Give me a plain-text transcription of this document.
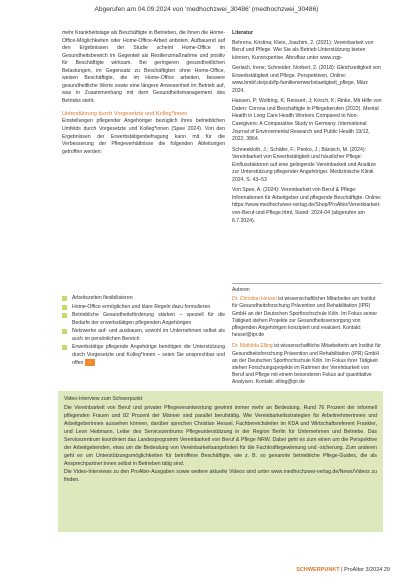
Abgerufen am 04.09.2024 von 'medhochzwei_30486' (medhochzwei_30486)

mehr Krankheitstage als Beschäftigte in Betrieben, die ihnen die Home-Office-Möglichkeiten oder Home-Office-Arbeit anboten. Aufbauend auf den Ergebnissen der Studie scheint Home-Office im Gesundheitsbereich im Gegenteil als Resilienzmaßnahme und positiv für Beschäftigte wirksam. Bei geringeren gesundheitlichen Belastungen, im Gegensatz zu Beschäftigten ohne Home-Office, weisen Beschäftigte, die im Home-Office arbeiten, bessere gesundheitliche Werte sowie eine längere Anwesenheit im Betrieb auf, was in Zusammenhang mit dem Gesundheitsmanagement des Betriebs steht.

Unterstützung durch Vorgesetzte und Kolleg*innen

Einstellungen pflegender Angehöriger bezüglich ihres betrieblichen Umfelds durch Vorgesetzte und Kolleg*innen (Spee 2024). Von den Ergebnissen der Erwerbstätigenbefragung kann mit für die Verbesserung der Pflegeverhältnisse die folgenden Ableitungen getroffen werden:

Arbeitszeiten flexibilisieren
Home-Office ermöglichen und klare Regeln dazu formulieren
Betriebliche Gesundheitsförderung stärken – speziell für die Bedarfe der erwerbstätigen pflegenden Angehörigen
Netzwerke auf- und ausbauen, sowohl im Unternehmen selbst als auch im persönlichen Bereich
Erwerbstätige pflegende Angehörige benötigen die Unterstützung durch Vorgesetzte und Kolleg*innen – seien Sie ansprechbar und offen →
Literatur
Behrens, Kristina; Klein, Joachim, 2. (2021): Vereinbarkeit von Beruf und Pflege. Wie Sie als Betrieb Unterstützung bieten können, Kurzexpertise. Abrufbar unter www.zqp-
Gerlach, Irene; Schneider, Norbert, 2. (2018): Gleichzeitigkeit von Erwerbstätigkeit und Pflege. Perspektiven, Online: www.bmbf.de/pub/fp-familienerwerbstaetigkeit_pflege, März 2024.
Hansen, P; Woltring, K; Reissert, J; Kirsch, K; Rinke, Mit Hilfe von Daten: Corona und Beschäftigte in Pflegeberufen (2022). Mental Health in Long Care Health Workers Compared to Non-Caregivers: A Comparative Study in Germany. International Journal of Environmental Research and Public Health 19/12, 2022, 3864.
Schneekloth, J.; Schäfer, F.; Penko, J.; Bänisch, M. (2024): Vereinbarkeit von Erwerbstätigkeit und häuslicher Pflege: Einflussfaktoren auf eine gelingende Vereinbarkeit und Ansätze zur Unterstützung pflegender Angehöriger. Medizinische Klinik 2024, S. 43–53
Von Spee, A. (2024): Vereinbarkeit von Beruf & Pflege: Informationen für Arbeitgeber und pflegende Beschäftigte. Online: https://www.medhochzwei-verlag.de/Shop/ProAlter/Vereinbarkeit-von-Beruf-und-Pflege.html, Stand: 2024-04 (abgerufen am 6.7.2024).
Autoren
Dr. Christian Hessel ist wissenschaftlicher Mitarbeiter am Institut für Gesundheitsforschung Prävention und Rehabilitation (IPR) GmbH an der Deutschen Sporthochschule Köln. Im Fokus seiner Tätigkeit stehen Projekte zur Gesundheitsversorgung von pflegenden Angehörigen konzipiert und evaluiert. Kontakt: hessel@ipr.de
Dr. Mathilda Elling ist wissenschaftliche Mitarbeiterin am Institut für Gesundheitsforschung Prävention und Rehabilitation (IPR) GmbH an der Deutschen Sporthochschule Köln. Im Fokus ihrer Tätigkeit stehen Forschungsprojekte im Rahmen der Vereinbarkeit von Beruf und Pflege mit einem besonderen Fokus auf quantitative Analysen. Kontakt: elling@ipr.de

Video-Interview zum Schwerpunkt

Die Vereinbarkeit von Beruf und privater Pflegeverantwortung gewinnt immer mehr an Bedeutung. Rund 76 Prozent der informell pflegenden Frauen und 82 Prozent der Männer sind parallel berufstätig. Wie Vereinbarkeitsstrategien für Arbeitnehmerinnen und Arbeitgeberinnen aussehen können, darüber sprechen Christian Hessel, Fachbereichsleiter im KDA und Wirtschaftsreferent Frankler, und Leon Heitmann, Leiter des Servicezentrums Pflegeunterstützung in der Region Berlin für Unternehmen und Betriebe. Das Servicezentrum koordiniert das Landesprogramm Vereinbarkeit von Beruf & Pflege NRW. Dabei geht es zum einen um die Perspektive der Arbeitgebenden, etwa um die Bedeutung von Vereinbarkeitsangeboten für die Fachkräftegewinnung und -sicherung. Zum anderen geht es um Unterstützungsmöglichkeiten für betroffene Beschäftigte, wie z. B. so genannte betriebliche Pflege-Guides, die als Ansprechpartner:innen selbst in Betrieben tätig sind.

Die Video-Interviews zu den ProAlter-Ausgaben sowie weitere aktuelle Videos sind unter www.medhochzwei-verlag.de/News/Videos zu finden.

SCHWERPUNKT | ProAlter 3/2024 29
